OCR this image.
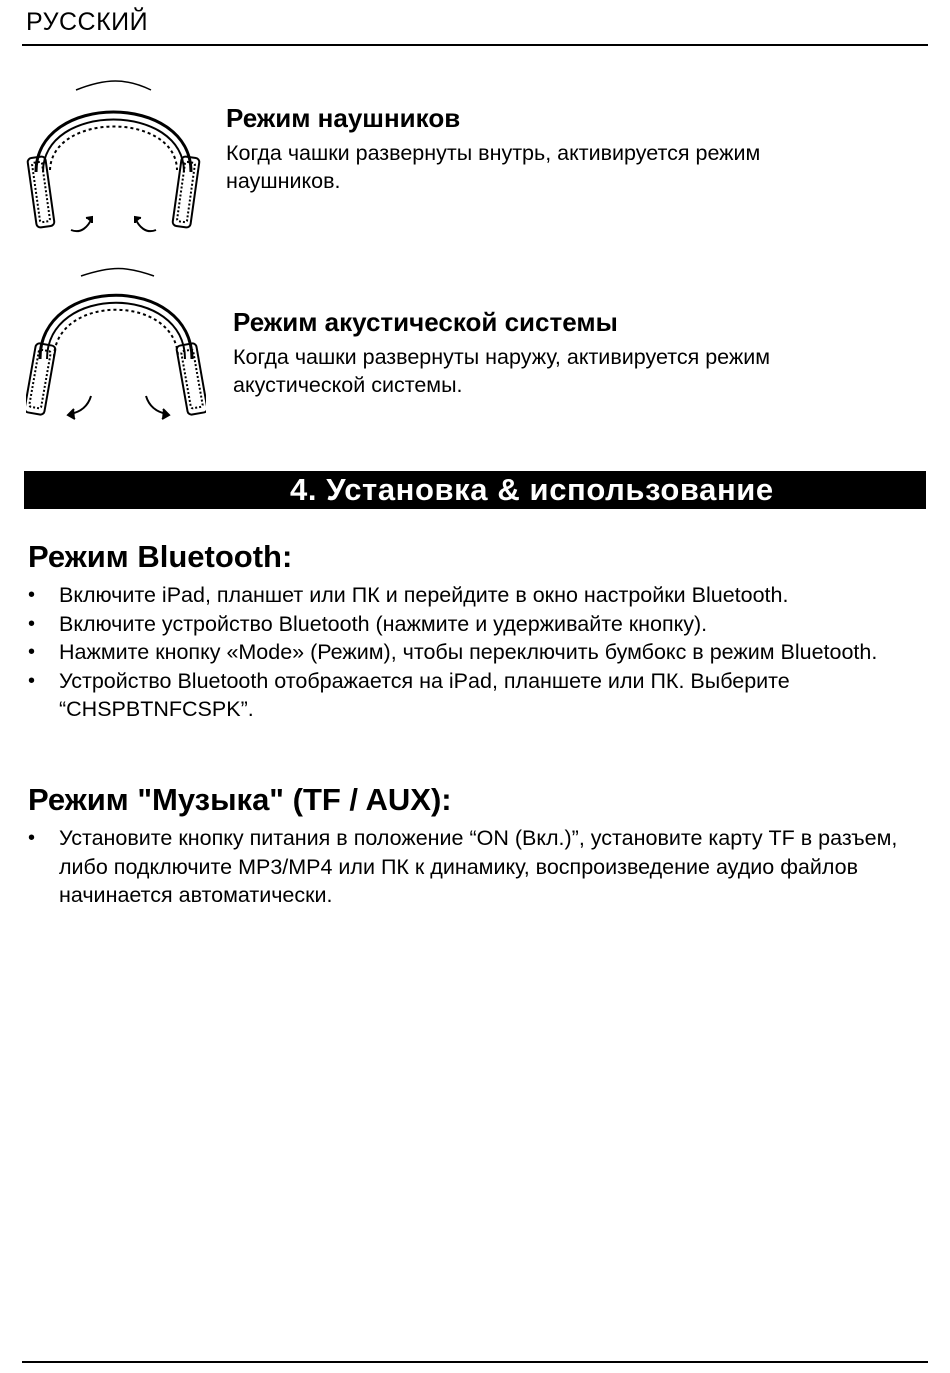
РУССКИЙ

Режим наушников

Когда чашки развернуты внутрь, активируется режим наушников.

Режим акустической системы

Когда чашки развернуты наружу, активируется режим акустической системы.

4. Установка & использование
Режим Bluetooth:
• Включите iPad, планшет или ПК и перейдите в окно настройки Bluetooth.
• Включите устройство Bluetooth (нажмите и удерживайте кнопку).
• Нажмите кнопку «Mode» (Режим), чтобы переключить бумбокс в режим Bluetooth.
• Устройство Bluetooth отображается на iPad, планшете или ПК. Выберите “CHSPBTNFCSPK”.
Режим "Музыка" (TF / AUX):
• Установите кнопку питания в положение “ON (Вкл.)”, установите карту TF в разъем, либо подключите MP3/MP4 или ПК к динамику, воспроизведение аудио файлов начинается автоматически.
